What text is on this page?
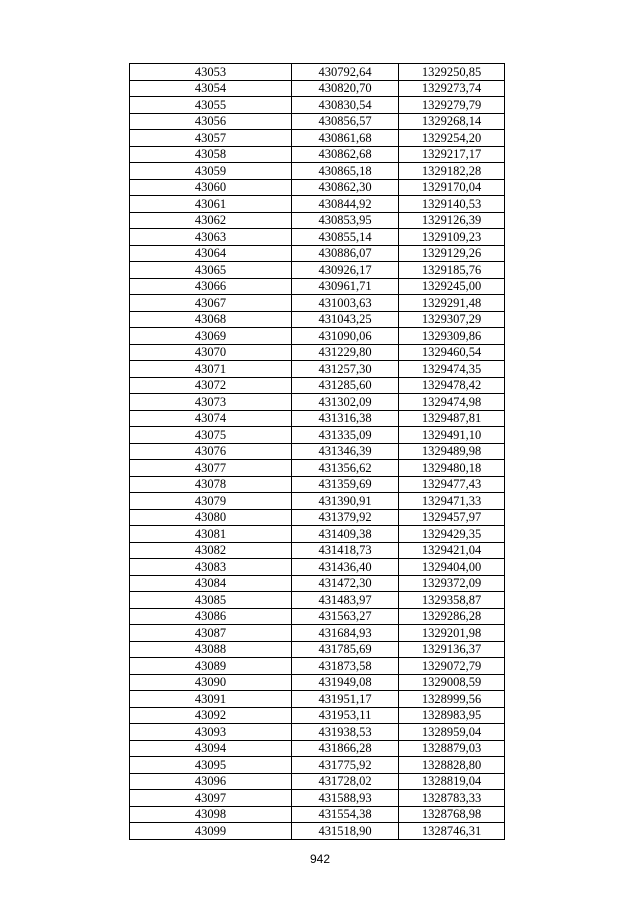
43053	430792,64	1329250,85
43054	430820,70	1329273,74
43055	430830,54	1329279,79
43056	430856,57	1329268,14
43057	430861,68	1329254,20
43058	430862,68	1329217,17
43059	430865,18	1329182,28
43060	430862,30	1329170,04
43061	430844,92	1329140,53
43062	430853,95	1329126,39
43063	430855,14	1329109,23
43064	430886,07	1329129,26
43065	430926,17	1329185,76
43066	430961,71	1329245,00
43067	431003,63	1329291,48
43068	431043,25	1329307,29
43069	431090,06	1329309,86
43070	431229,80	1329460,54
43071	431257,30	1329474,35
43072	431285,60	1329478,42
43073	431302,09	1329474,98
43074	431316,38	1329487,81
43075	431335,09	1329491,10
43076	431346,39	1329489,98
43077	431356,62	1329480,18
43078	431359,69	1329477,43
43079	431390,91	1329471,33
43080	431379,92	1329457,97
43081	431409,38	1329429,35
43082	431418,73	1329421,04
43083	431436,40	1329404,00
43084	431472,30	1329372,09
43085	431483,97	1329358,87
43086	431563,27	1329286,28
43087	431684,93	1329201,98
43088	431785,69	1329136,37
43089	431873,58	1329072,79
43090	431949,08	1329008,59
43091	431951,17	1328999,56
43092	431953,11	1328983,95
43093	431938,53	1328959,04
43094	431866,28	1328879,03
43095	431775,92	1328828,80
43096	431728,02	1328819,04
43097	431588,93	1328783,33
43098	431554,38	1328768,98
43099	431518,90	1328746,31
942
